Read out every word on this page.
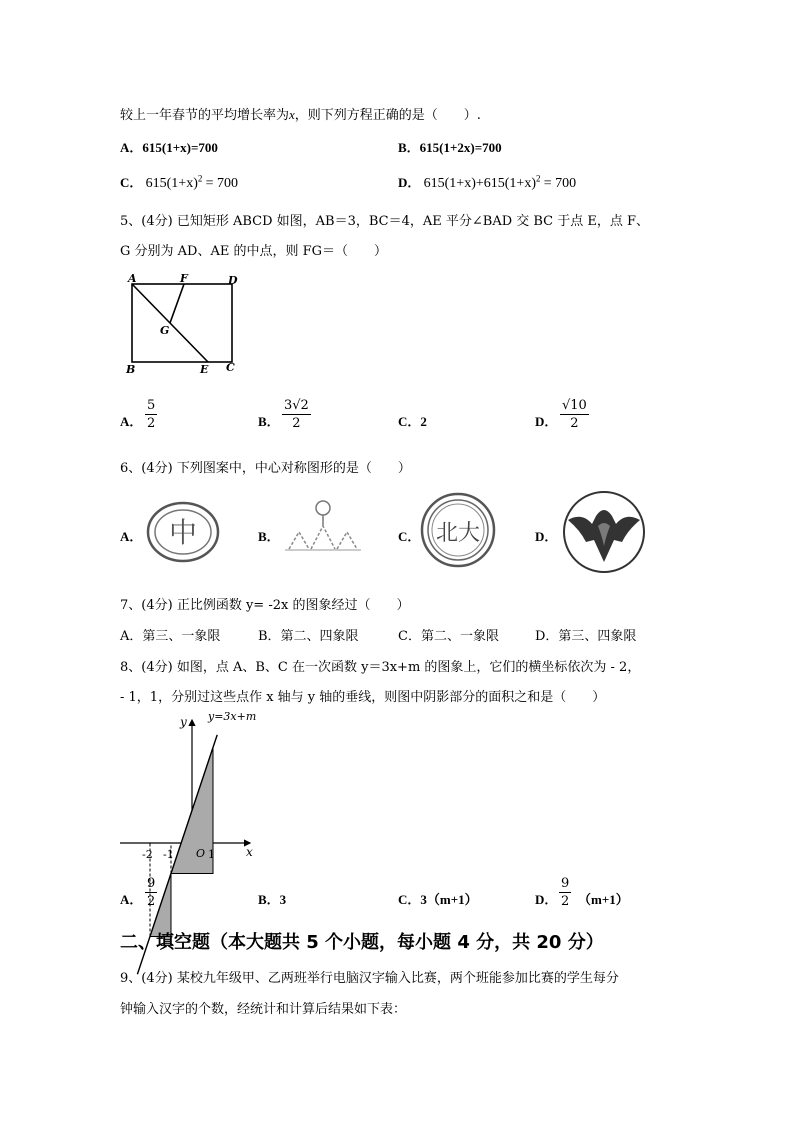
较上一年春节的平均增长率为x，则下列方程正确的是（　　）.
A．615(1+x)=700	B．615(1+2x)=700
C． $615(1+x)^2 = 700$	D． $615(1+x)+615(1+x)^2 = 700$
5、(4分) 已知矩形 ABCD 如图，AB＝3，BC＝4，AE 平分∠BAD 交 BC 于点 E，点 F、
G 分别为 AD、AE 的中点，则 FG＝（　　）
A	F	D
G
B	E C
A． $\frac{5}{2}$	B． $\frac{3√2}{2}$	C．2	D． $\frac{√10}{2}$
6、(4分) 下列图案中，中心对称图形的是（　　）
A． 中	B．	C． 北大	D．
7、(4分) 正比例函数 y= -2x 的图象经过（　　）
A．第三、一象限	B．第二、四象限	C．第二、一象限	D．第三、四象限
8、(4分) 如图，点 A、B、C 在一次函数 y＝3x+m 的图象上，它们的横坐标依次为 - 2，
- 1，1，分别过这些点作 x 轴与 y 轴的垂线，则图中阴影部分的面积之和是（　　）
y
x
y=3x+m
O
-2 -1	1
A． $\frac{9}{2}$	B．3	C．3（m+1）	D． $\frac{9}{2} (m+1)$
二、填空题（本大题共 5 个小题，每小题 4 分，共 20 分）
9、(4分) 某校九年级甲、乙两班举行电脑汉字输入比赛，两个班能参加比赛的学生每分
钟输入汉字的个数，经统计和计算后结果如下表：
